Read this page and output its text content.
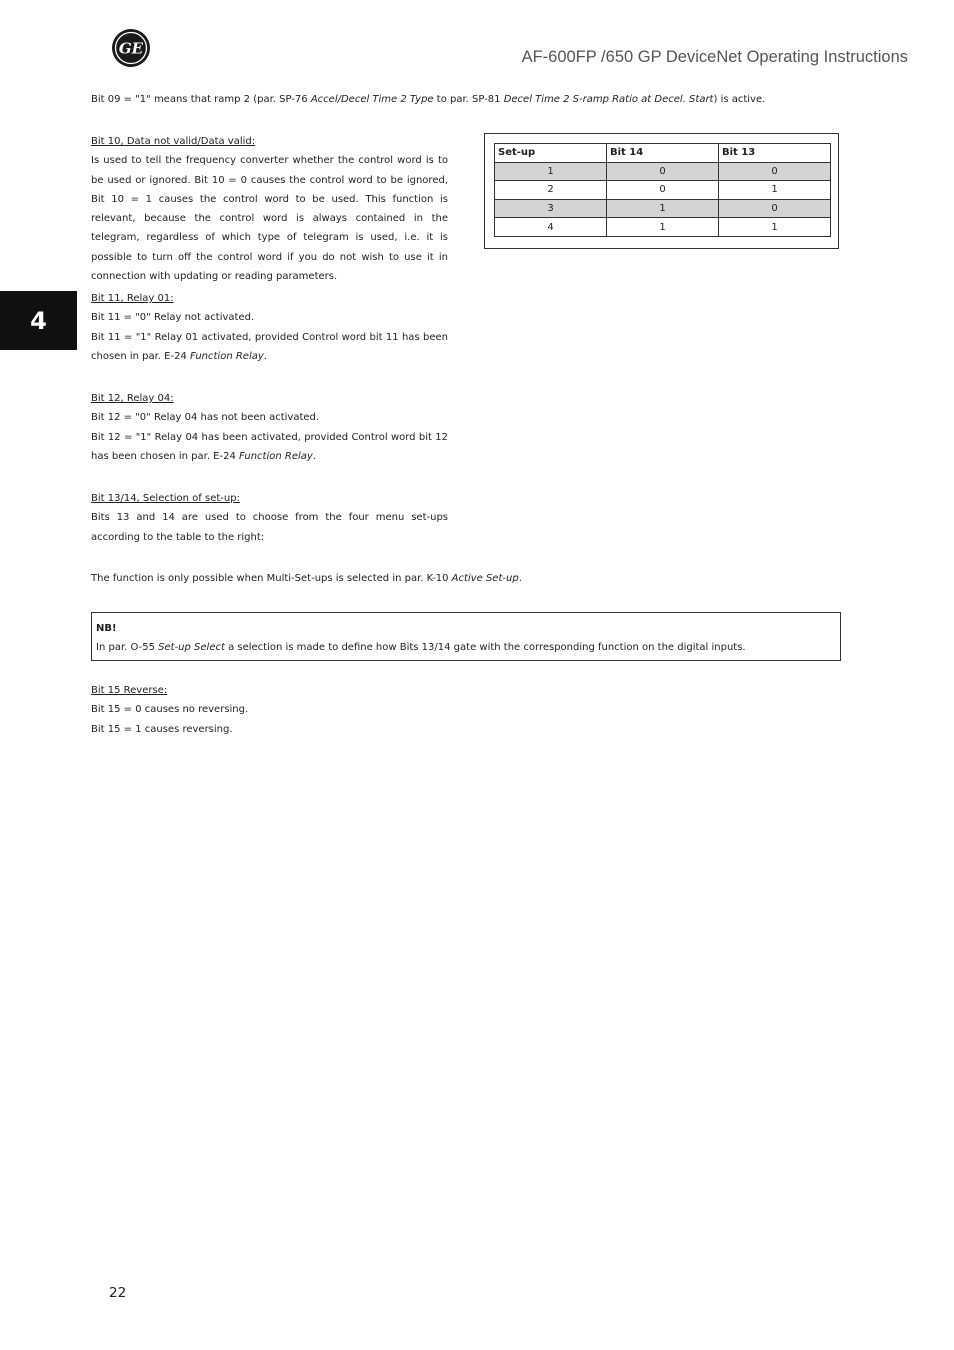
GE	AF-600FP /650 GP DeviceNet Operating Instructions
4
Bit 09 = "1" means that ramp 2 (par. SP-76 Accel/Decel Time 2 Type to par. SP-81 Decel Time 2 S-ramp Ratio at Decel. Start) is active.
Bit 10, Data not valid/Data valid:
Is used to tell the frequency converter whether the control word is to be used or ignored. Bit 10 = 0 causes the control word to be ignored, Bit 10 = 1 causes the control word to be used. This function is relevant, because the control word is always contained in the telegram, regardless of which type of telegram is used, i.e. it is possible to turn off the control word if you do not wish to use it in connection with updating or reading parameters.
Set-up	Bit 14	Bit 13
1	0	0
2	0	1
3	1	0
4	1	1
Bit 11, Relay 01:
Bit 11 = "0" Relay not activated.
Bit 11 = "1" Relay 01 activated, provided Control word bit 11 has been chosen in par. E-24 Function Relay.
Bit 12, Relay 04:
Bit 12 = "0" Relay 04 has not been activated.
Bit 12 = "1" Relay 04 has been activated, provided Control word bit 12 has been chosen in par. E-24 Function Relay.
Bit 13/14, Selection of set-up:
Bits 13 and 14 are used to choose from the four menu set-ups according to the table to the right:
The function is only possible when Multi-Set-ups is selected in par. K-10 Active Set-up.
NB!
In par. O-55 Set-up Select a selection is made to define how Bits 13/14 gate with the corresponding function on the digital inputs.
Bit 15 Reverse:
Bit 15 = 0 causes no reversing.
Bit 15 = 1 causes reversing.
22
